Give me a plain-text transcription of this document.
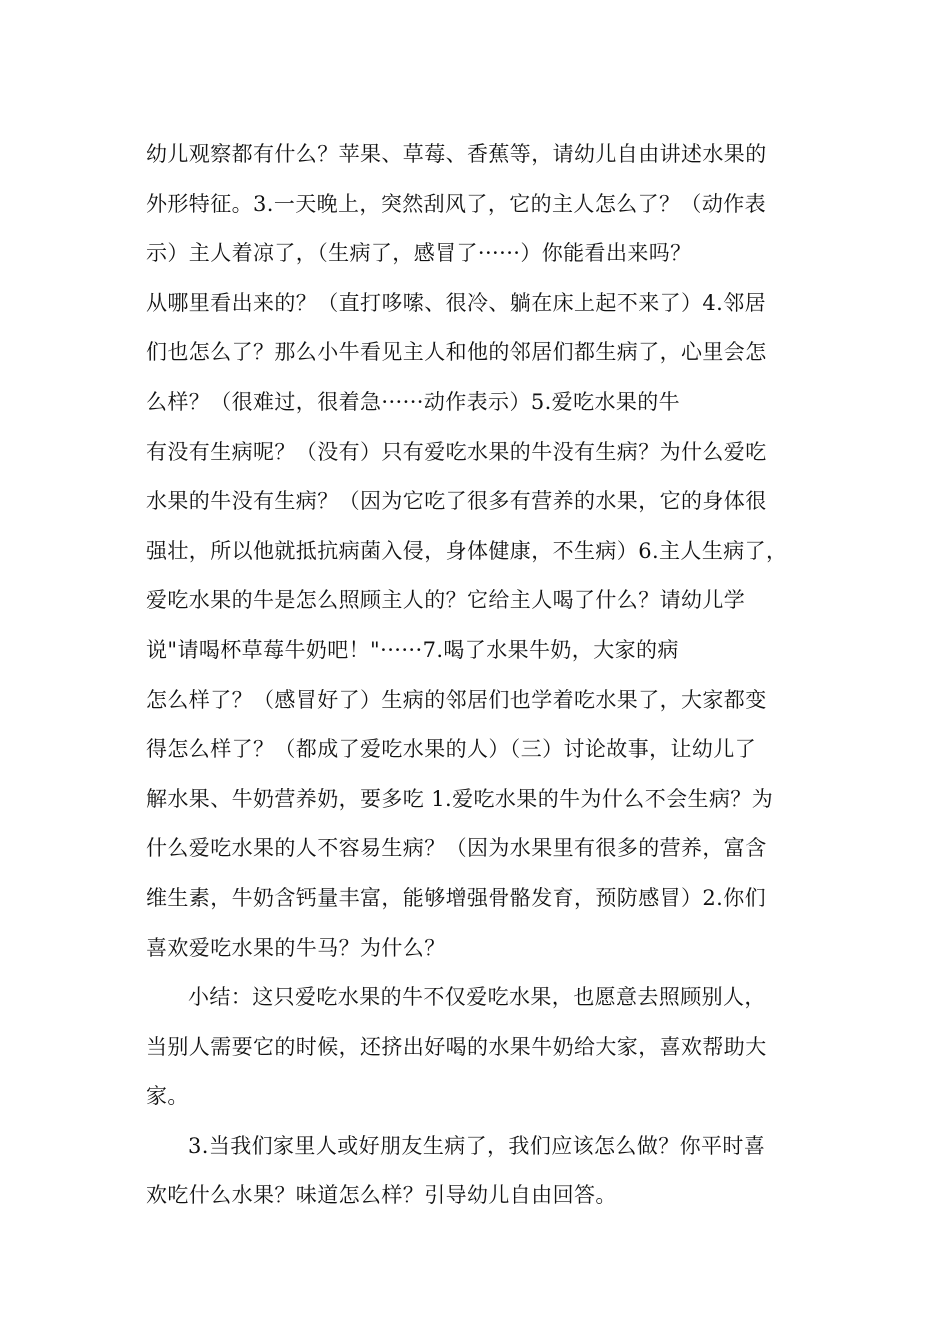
幼儿观察都有什么？苹果、草莓、香蕉等，请幼儿自由讲述水果的
外形特征。3.一天晚上，突然刮风了，它的主人怎么了？（动作表
示）主人着凉了，（生病了，感冒了······）你能看出来吗？
从哪里看出来的？（直打哆嗦、很冷、躺在床上起不来了）4.邻居
们也怎么了？那么小牛看见主人和他的邻居们都生病了，心里会怎
么样？（很难过，很着急······动作表示）5.爱吃水果的牛
有没有生病呢？（没有）只有爱吃水果的牛没有生病？为什么爱吃
水果的牛没有生病？（因为它吃了很多有营养的水果，它的身体很
强壮，所以他就抵抗病菌入侵，身体健康，不生病）6.主人生病了，
爱吃水果的牛是怎么照顾主人的？它给主人喝了什么？请幼儿学
说"请喝杯草莓牛奶吧！"······7.喝了水果牛奶，大家的病
怎么样了？（感冒好了）生病的邻居们也学着吃水果了，大家都变
得怎么样了？（都成了爱吃水果的人）（三）讨论故事，让幼儿了
解水果、牛奶营养奶，要多吃 1.爱吃水果的牛为什么不会生病？为
什么爱吃水果的人不容易生病？（因为水果里有很多的营养，富含
维生素，牛奶含钙量丰富，能够增强骨骼发育，预防感冒）2.你们
喜欢爱吃水果的牛马？为什么？
小结：这只爱吃水果的牛不仅爱吃水果，也愿意去照顾别人，
当别人需要它的时候，还挤出好喝的水果牛奶给大家，喜欢帮助大
家。
3.当我们家里人或好朋友生病了，我们应该怎么做？你平时喜
欢吃什么水果？味道怎么样？引导幼儿自由回答。
